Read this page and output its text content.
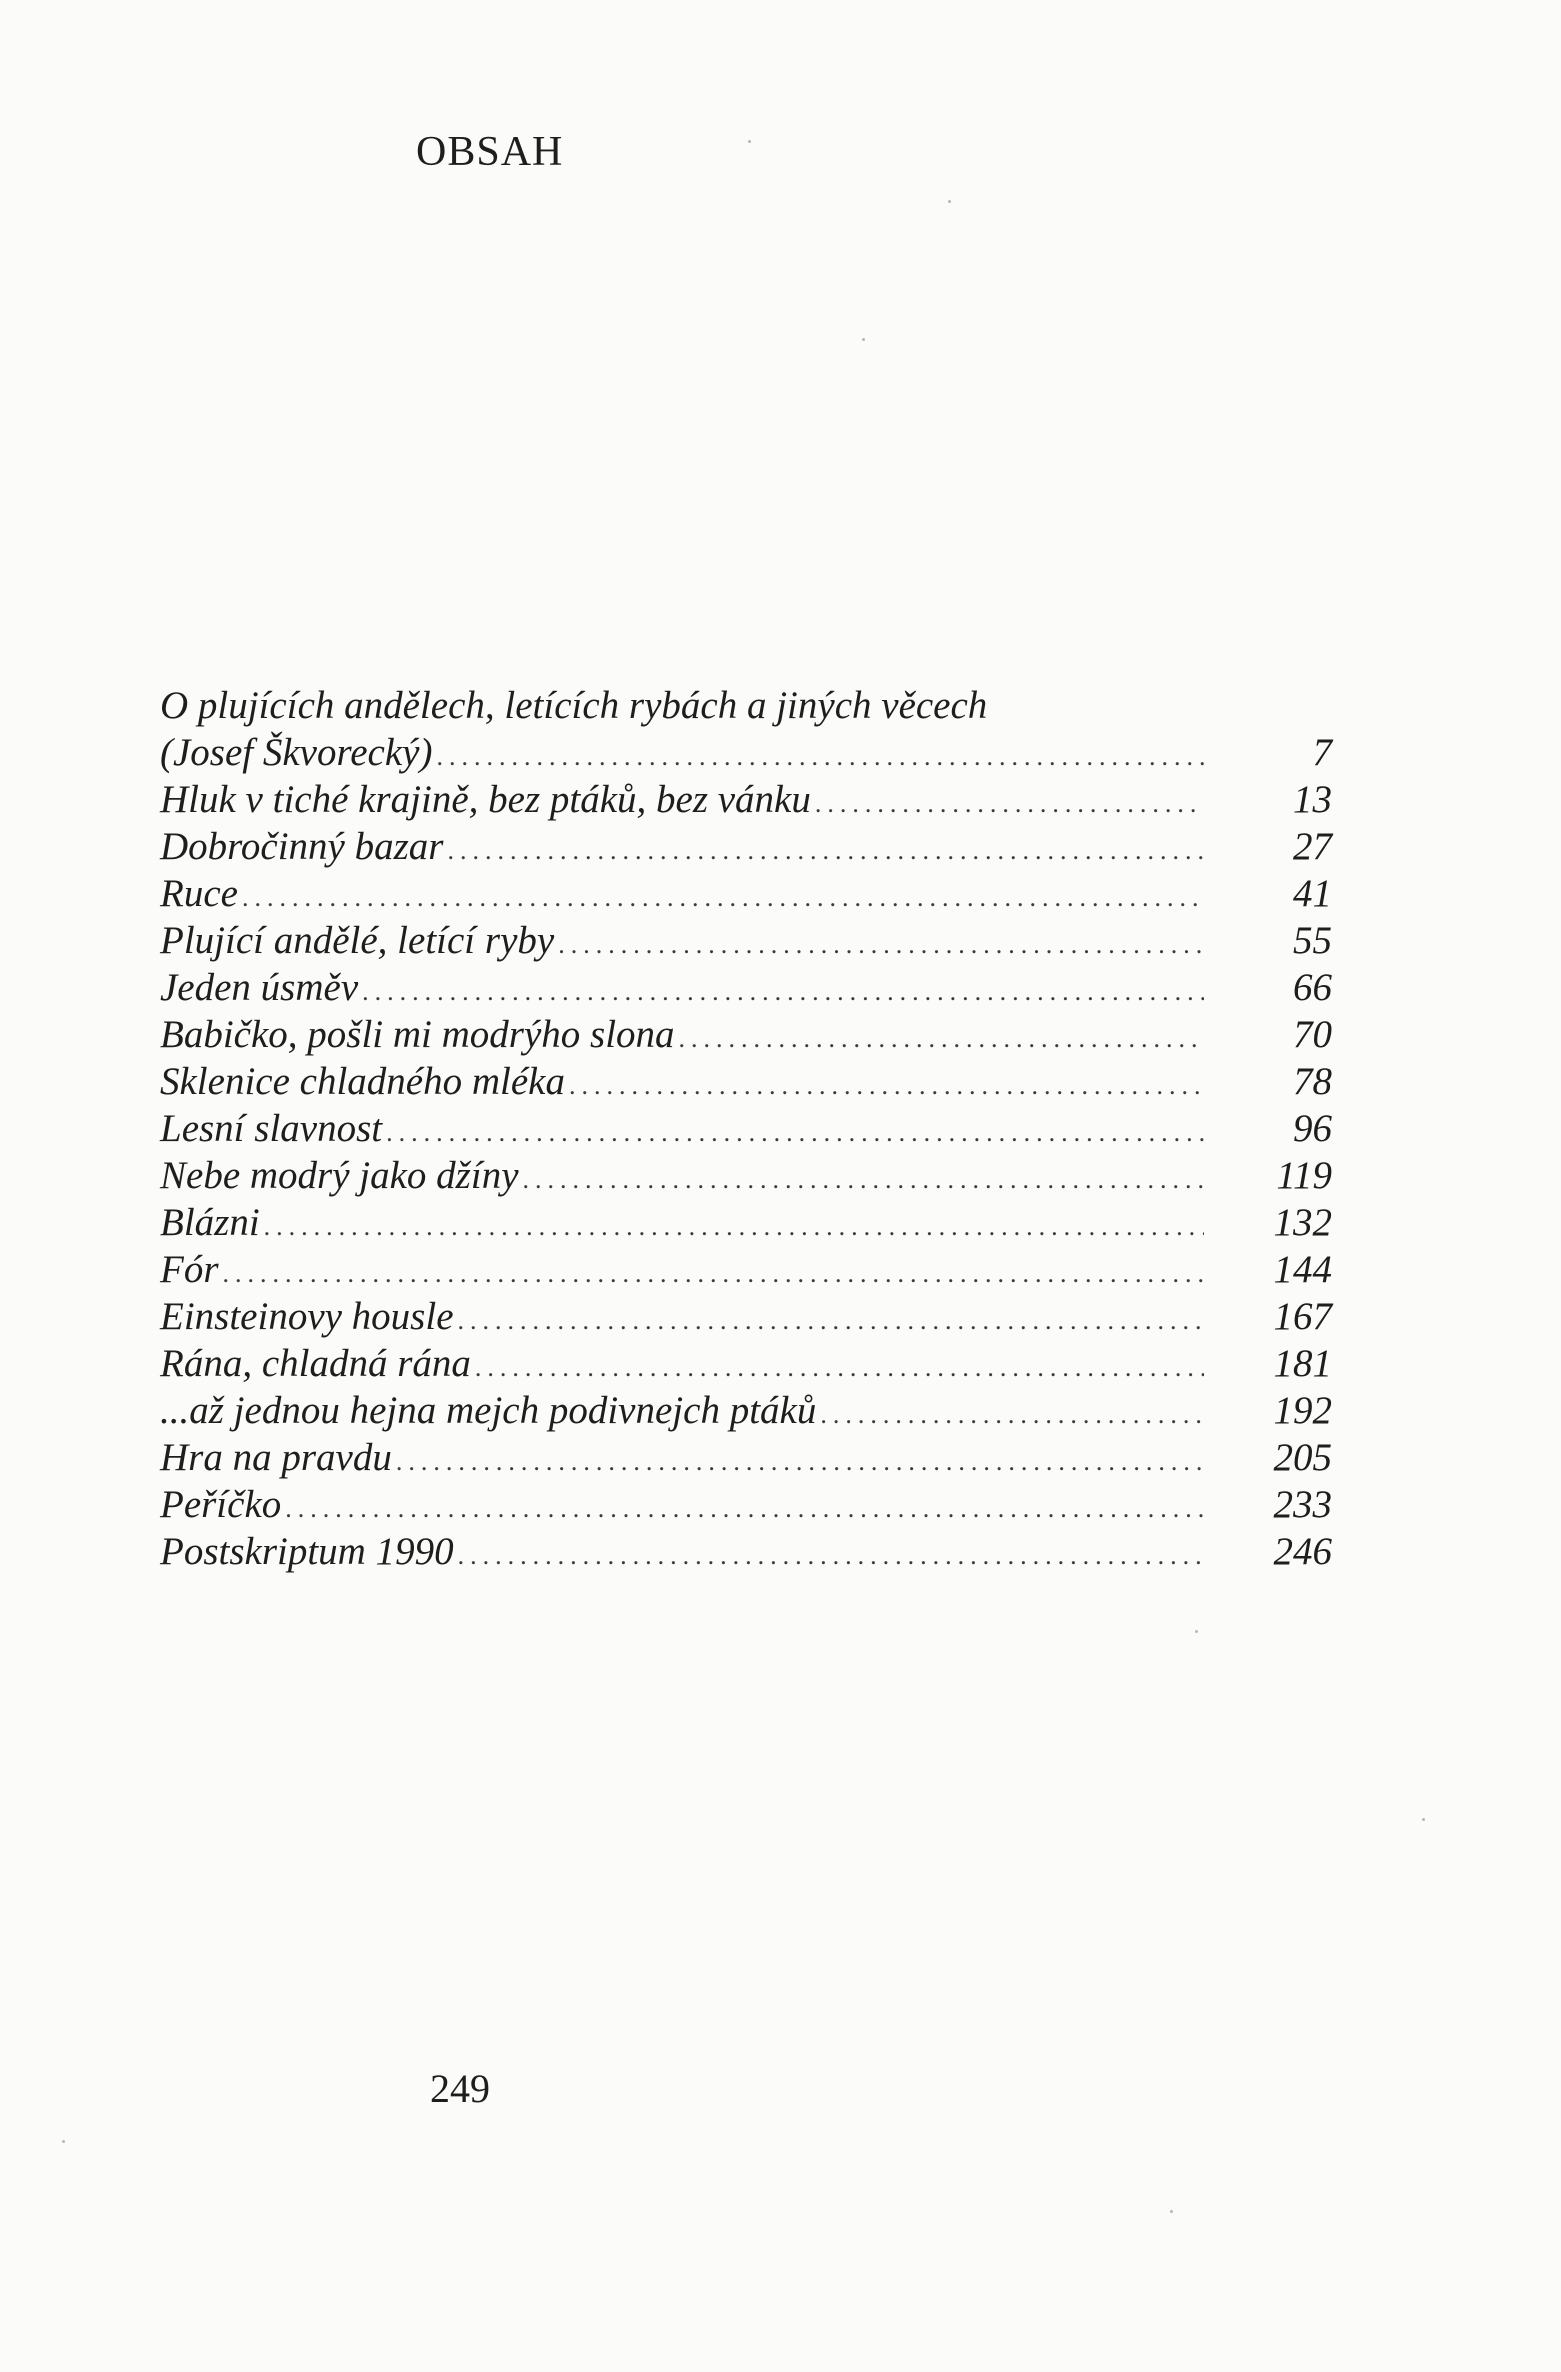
OBSAH
O plujících andělech, letících rybách a jiných věcech
(Josef Škvorecký) .....	7
Hluk v tiché krajině, bez ptáků, bez vánku .....	13
Dobročinný bazar .....	27
Ruce .....	41
Plující andělé, letící ryby .....	55
Jeden úsměv .....	66
Babičko, pošli mi modrýho slona .....	70
Sklenice chladného mléka .....	78
Lesní slavnost .....	96
Nebe modrý jako džíny .....	119
Blázni .....	132
Fór .....	144
Einsteinovy housle .....	167
Rána, chladná rána .....	181
...až jednou hejna mejch podivnejch ptáků .....	192
Hra na pravdu .....	205
Peříčko .....	233
Postskriptum 1990 .....	246
249
